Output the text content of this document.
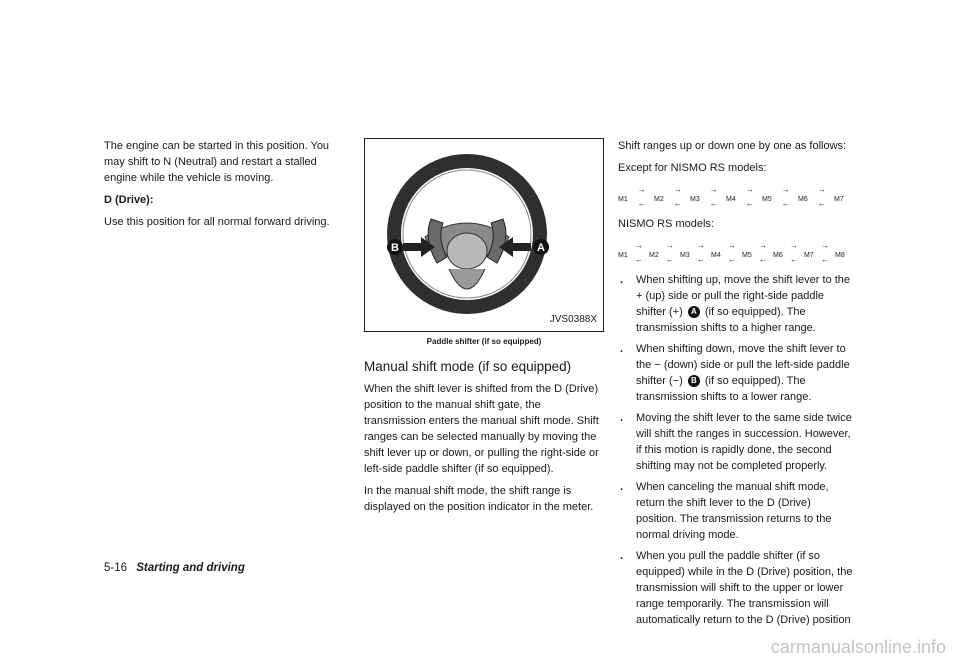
The engine can be started in this position. You may shift to N (Neutral) and restart a stalled engine while the vehicle is moving.

D (Drive):

Use this position for all normal forward driving.

B	A
JVS0388X
Paddle shifter (if so equipped)
Manual shift mode (if so equipped)

When the shift lever is shifted from the D (Drive) position to the manual shift gate, the transmission enters the manual shift mode. Shift ranges can be selected manually by moving the shift lever up or down, or pulling the right-side or left-side paddle shifter (if so equipped).

In the manual shift mode, the shift range is displayed on the position indicator in the meter.

Shift ranges up or down one by one as follows:

Except for NISMO RS models:

M1
→
← M2
→
← M3
→
← M4
→
← M5
→
← M6
→
← M7

NISMO RS models:

M1
→
← M2
→
← M3
→
← M4
→
← M5
→
← M6
→
← M7
→
← M8
. When shifting up, move the shift lever to the + (up) side or pull the right-side paddle shifter (+) A (if so equipped). The transmission shifts to a higher range.
. When shifting down, move the shift lever to the − (down) side or pull the left-side paddle shifter (−) B (if so equipped). The transmission shifts to a lower range.
. Moving the shift lever to the same side twice will shift the ranges in succession. However, if this motion is rapidly done, the second shifting may not be completed properly.
. When canceling the manual shift mode, return the shift lever to the D (Drive) position. The transmission returns to the normal driving mode.
. When you pull the paddle shifter (if so equipped) while in the D (Drive) position, the transmission will shift to the upper or lower range temporarily. The transmission will automatically return to the D (Drive) position
5-16 Starting and driving
carmanualsonline.info
